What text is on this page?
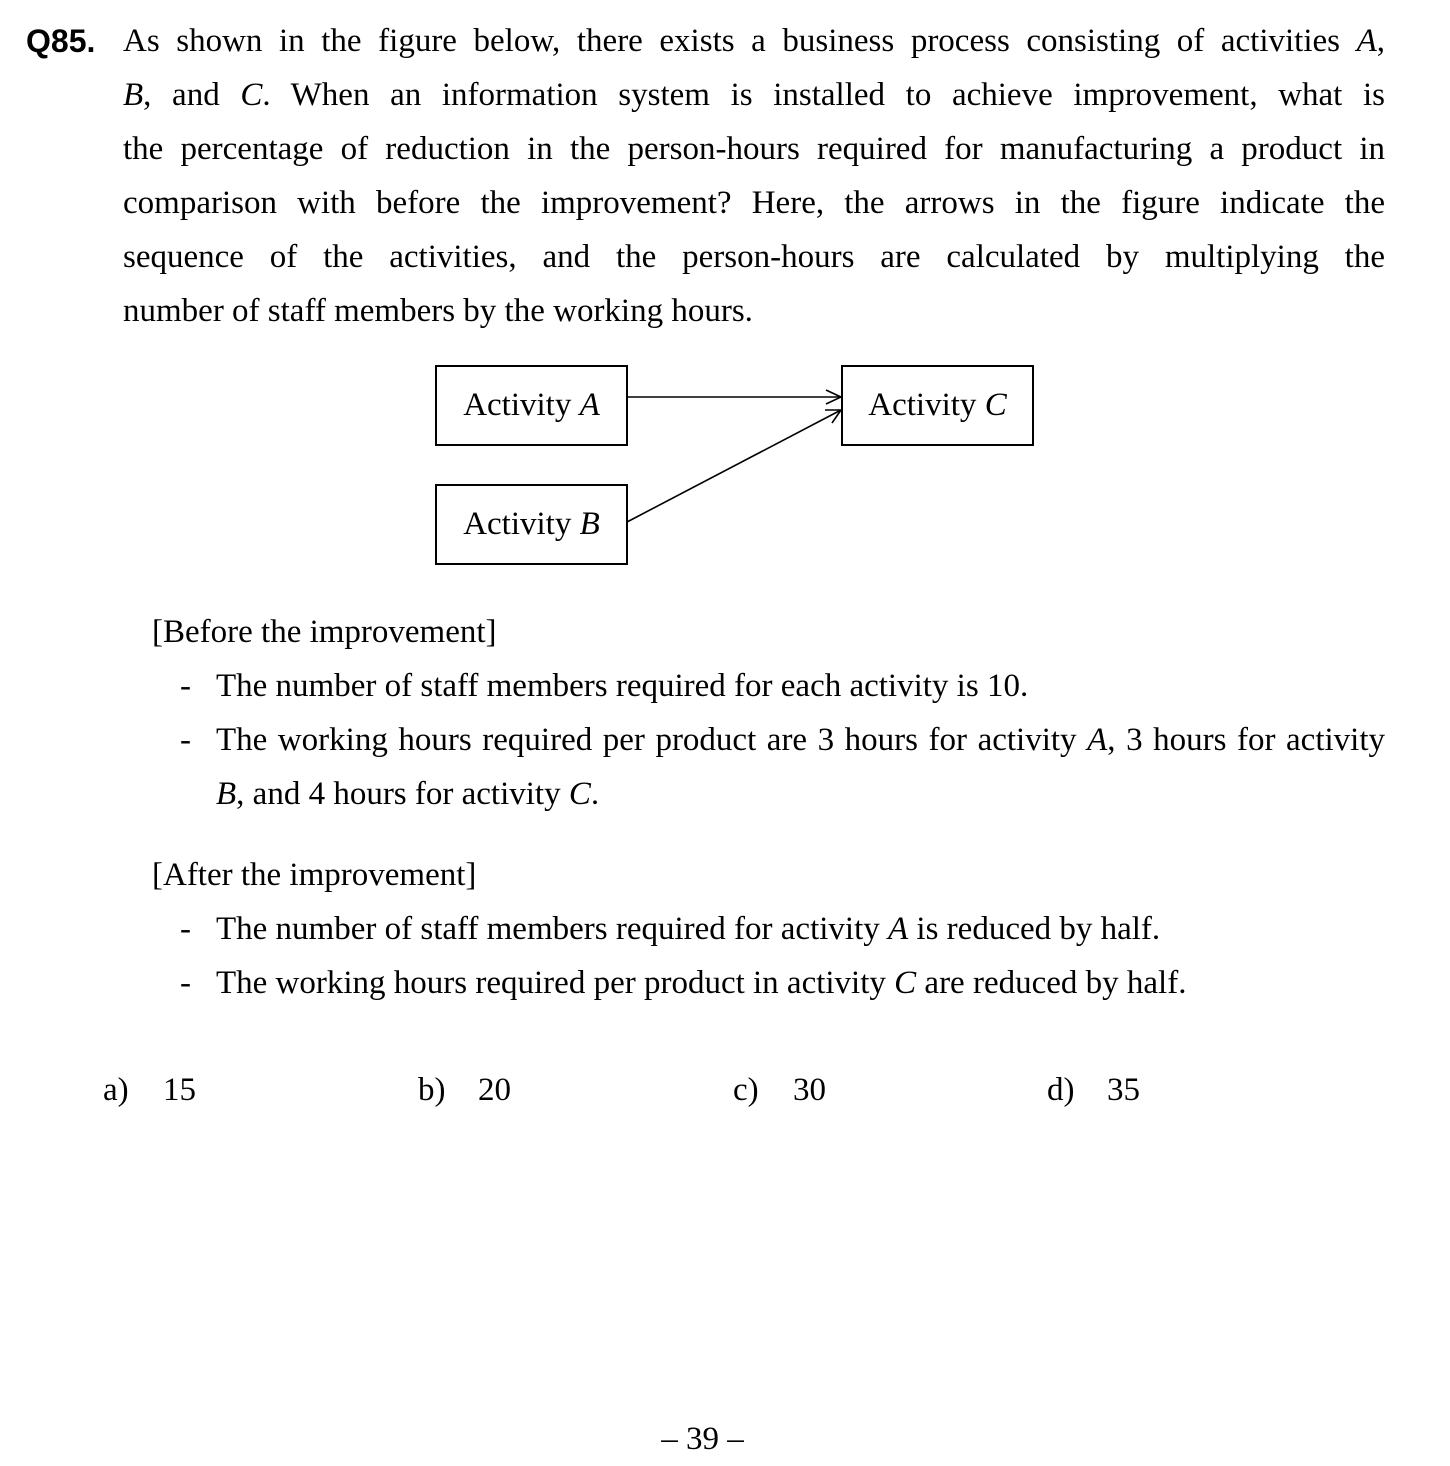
Q85. As shown in the figure below, there exists a business process consisting of activities A,
B, and C. When an information system is installed to achieve improvement, what is
the percentage of reduction in the person-hours required for manufacturing a product in
comparison with before the improvement? Here, the arrows in the figure indicate the
sequence of the activities, and the person-hours are calculated by multiplying the
number of staff members by the working hours.
Activity A
Activity B
Activity C
[Before the improvement]
- The number of staff members required for each activity is 10.
- The working hours required per product are 3 hours for activity A, 3 hours for activity
B, and 4 hours for activity C.
[After the improvement]
- The number of staff members required for activity A is reduced by half.
- The working hours required per product in activity C are reduced by half.
a) 15	b) 20	c) 30	d) 35
– 39 –
